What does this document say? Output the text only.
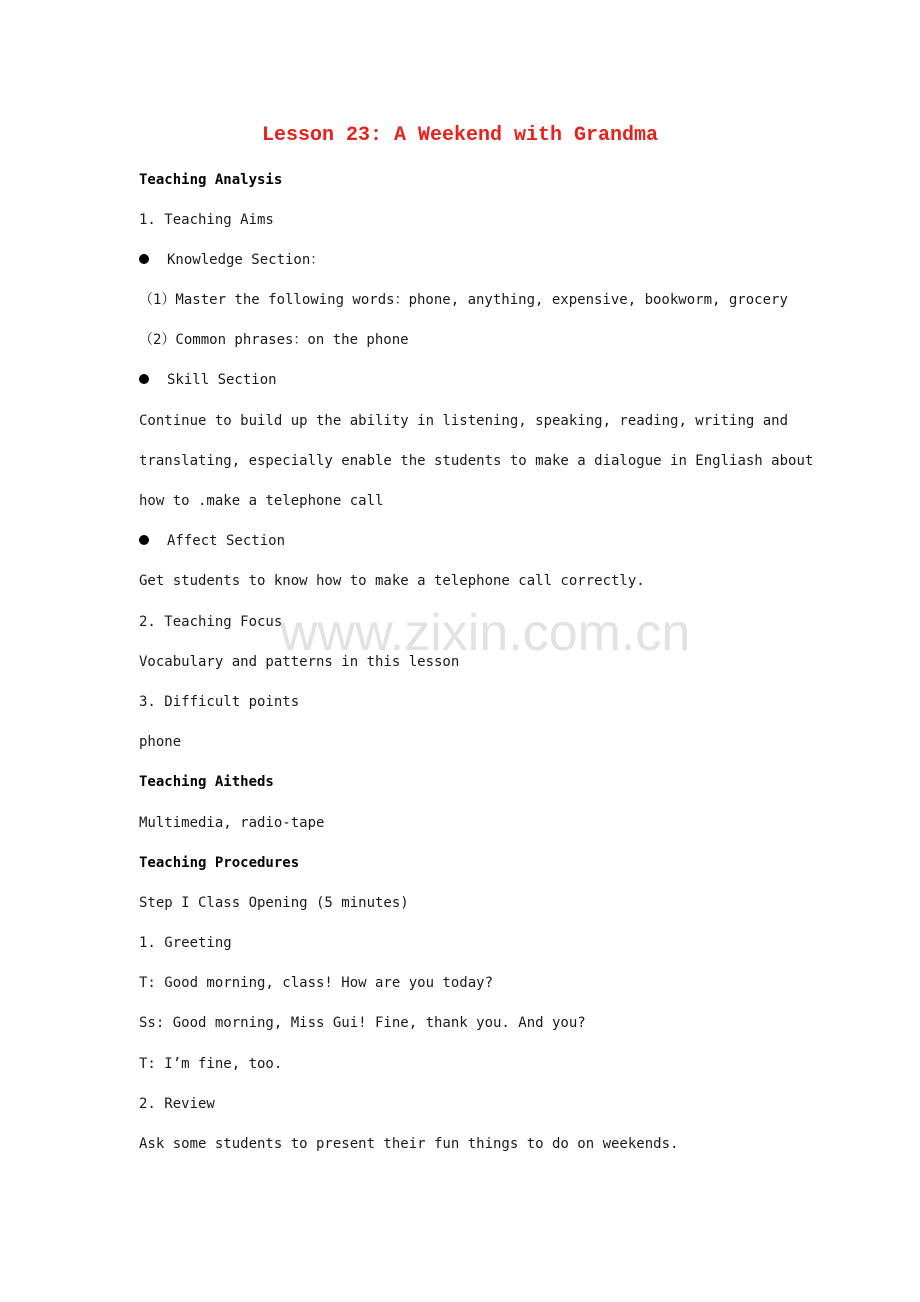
Lesson 23: A Weekend with Grandma

Teaching Analysis

1. Teaching Aims

Knowledge Section：

（1）Master the following words：phone, anything, expensive, bookworm, grocery

（2）Common phrases：on the phone

Skill Section

Continue to build up the ability in listening, speaking, reading, writing and

translating, especially enable the students to make a dialogue in Engliash about

how to .make a telephone call

Affect Section

Get students to know how to make a telephone call correctly.

2. Teaching Focus

Vocabulary and patterns in this lesson

3. Difficult points

phone

Teaching Aitheds

Multimedia, radio-tape

Teaching Procedures

Step I Class Opening (5 minutes)

1. Greeting

T: Good morning, class! How are you today?

Ss: Good morning, Miss Gui! Fine, thank you. And you?

T: I’m fine, too.

2. Review

Ask some students to present their fun things to do on weekends.

www.zixin.com.cn
